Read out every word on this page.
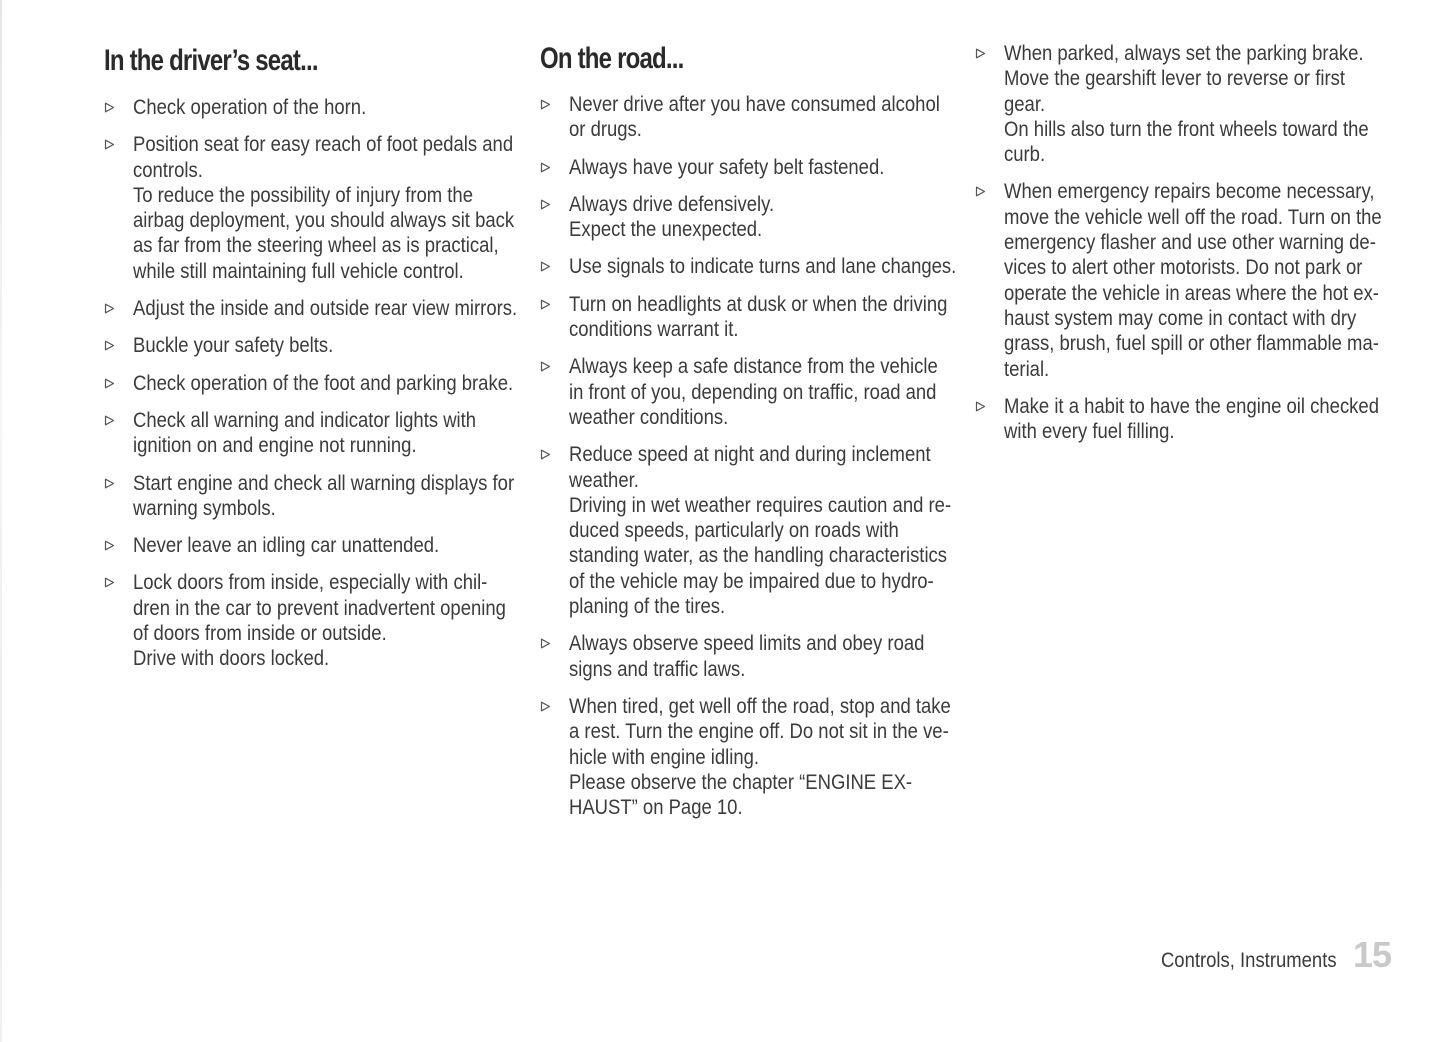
In the driver’s seat...
Check operation of the horn.
Position seat for easy reach of foot pedals and
controls.
To reduce the possibility of injury from the
airbag deployment, you should always sit back
as far from the steering wheel as is practical,
while still maintaining full vehicle control.
Adjust the inside and outside rear view mirrors.
Buckle your safety belts.
Check operation of the foot and parking brake.
Check all warning and indicator lights with
ignition on and engine not running.
Start engine and check all warning displays for
warning symbols.
Never leave an idling car unattended.
Lock doors from inside, especially with chil-
dren in the car to prevent inadvertent opening
of doors from inside or outside.
Drive with doors locked.
On the road...
Never drive after you have consumed alcohol
or drugs.
Always have your safety belt fastened.
Always drive defensively.
Expect the unexpected.
Use signals to indicate turns and lane changes.
Turn on headlights at dusk or when the driving
conditions warrant it.
Always keep a safe distance from the vehicle
in front of you, depending on traffic, road and
weather conditions.
Reduce speed at night and during inclement
weather.
Driving in wet weather requires caution and re-
duced speeds, particularly on roads with
standing water, as the handling characteristics
of the vehicle may be impaired due to hydro-
planing of the tires.
Always observe speed limits and obey road
signs and traffic laws.
When tired, get well off the road, stop and take
a rest. Turn the engine off. Do not sit in the ve-
hicle with engine idling.
Please observe the chapter “ENGINE EX-
HAUST” on Page 10.
When parked, always set the parking brake.
Move the gearshift lever to reverse or first
gear.
On hills also turn the front wheels toward the
curb.
When emergency repairs become necessary,
move the vehicle well off the road. Turn on the
emergency flasher and use other warning de-
vices to alert other motorists. Do not park or
operate the vehicle in areas where the hot ex-
haust system may come in contact with dry
grass, brush, fuel spill or other flammable ma-
terial.
Make it a habit to have the engine oil checked
with every fuel filling.
Controls, Instruments 15
